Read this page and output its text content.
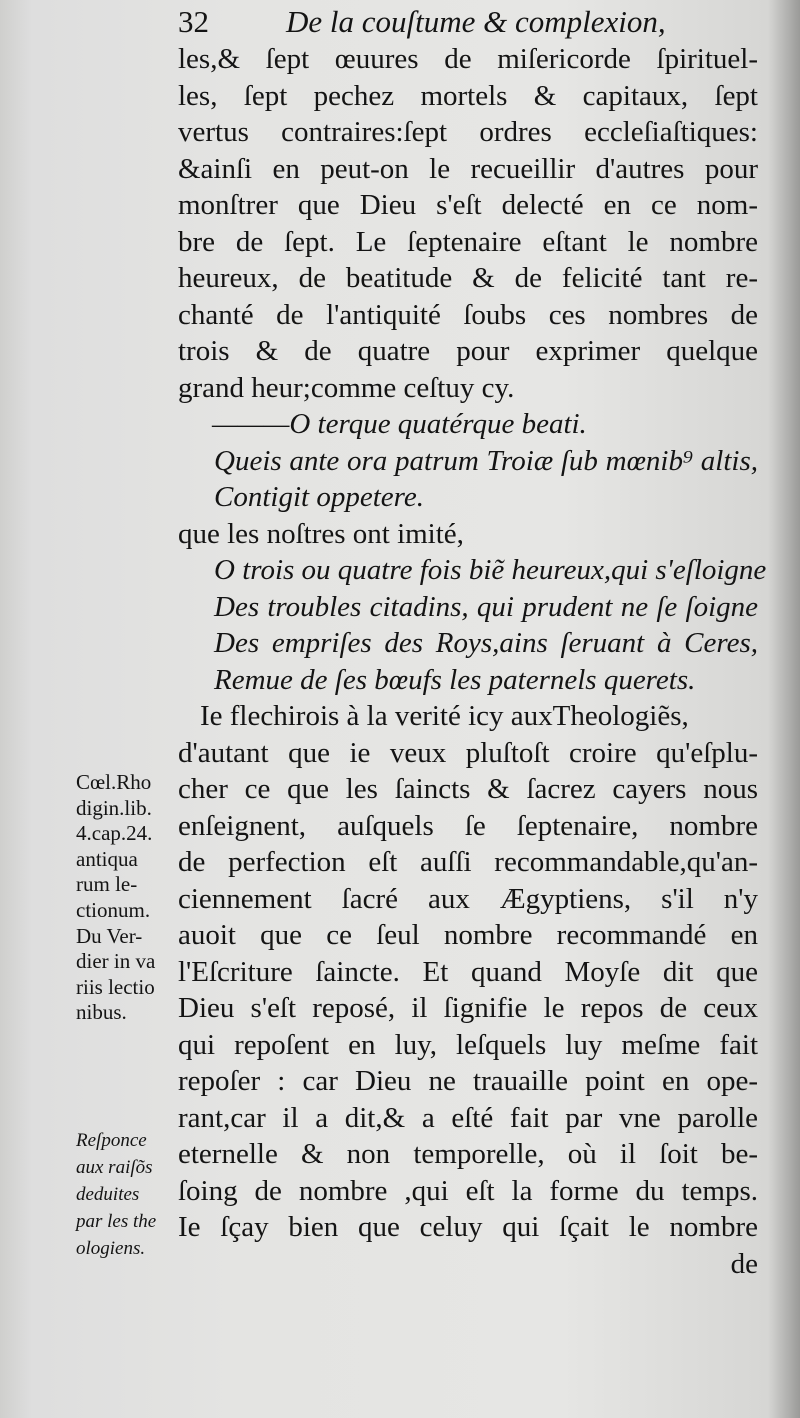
32 De la couſtume & complexion,
les,& ſept œuures de miſericorde ſpirituel-
les, ſept pechez mortels & capitaux, ſept
vertus contraires:ſept ordres eccleſiaſtiques:
&ainſi en peut-on le recueillir d'autres pour
monſtrer que Dieu s'eſt delecté en ce nom-
bre de ſept. Le ſeptenaire eſtant le nombre
heureux, de beatitude & de felicité tant re-
chanté de l'antiquité ſoubs ces nombres de
trois & de quatre pour exprimer quelque
grand heur;comme ceſtuy cy.
———O terque quatérque beati.
Queis ante ora patrum Troiæ ſub mœnib⁹ altis,
Contigit oppetere.
que les noſtres ont imité,
O trois ou quatre fois biẽ heureux,qui s'eſloigne
Des troubles citadins, qui prudent ne ſe ſoigne
Des empriſes des Roys,ains ſeruant à Ceres,
Remue de ſes bœufs les paternels querets.
Ie flechirois à la verité icy auxTheologiẽs,
d'autant que ie veux pluſtoſt croire qu'eſplu-
cher ce que les ſaincts & ſacrez cayers nous
enſeignent, auſquels ſe ſeptenaire, nombre
de perfection eſt auſſi recommandable,qu'an-
ciennement ſacré aux Ægyptiens, s'il n'y
auoit que ce ſeul nombre recommandé en
l'Eſcriture ſaincte. Et quand Moyſe dit que
Dieu s'eſt reposé, il ſignifie le repos de ceux
qui repoſent en luy, leſquels luy meſme fait
repoſer : car Dieu ne trauaille point en ope-
rant,car il a dit,& a eſté fait par vne parolle
eternelle & non temporelle, où il ſoit be-
ſoing de nombre ,qui eſt la forme du temps.
Ie ſçay bien que celuy qui ſçait le nombre
de
Cœl.Rho
digin.lib.
4.cap.24.
antiqua
rum le-
ctionum.
Du Ver-
dier in va
riis lectio
nibus.
Reſponce
aux raiſõs
deduites
par les the
ologiens.
